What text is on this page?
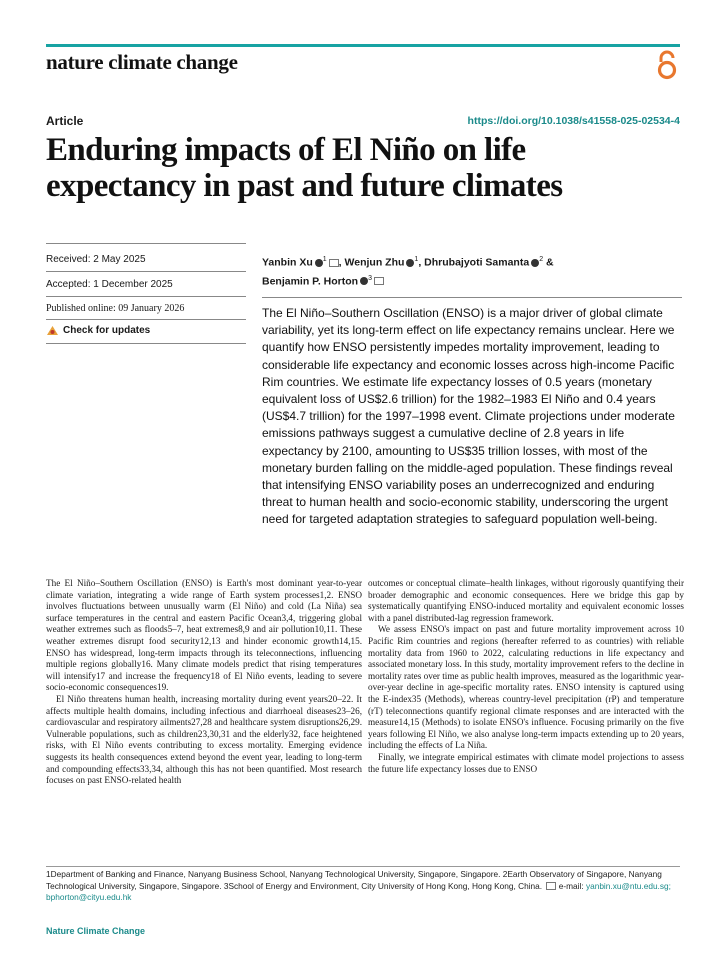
nature climate change
Article	https://doi.org/10.1038/s41558-025-02534-4
Enduring impacts of El Niño on life expectancy in past and future climates
Received: 2 May 2025
Accepted: 1 December 2025
Published online: 09 January 2026
Check for updates
Yanbin Xu $^1$ , Wenjun Zhu $^1$, Dhrubajyoti Samanta $^2$ &
Benjamin P. Horton $^3$

The El Niño–Southern Oscillation (ENSO) is a major driver of global climate variability, yet its long-term effect on life expectancy remains unclear. Here we quantify how ENSO persistently impedes mortality improvement, leading to considerable life expectancy and economic losses across high-income Pacific Rim countries. We estimate life expectancy losses of 0.5 years (monetary equivalent loss of US$2.6 trillion) for the 1982–1983 El Niño and 0.4 years (US$4.7 trillion) for the 1997–1998 event. Climate projections under moderate emissions pathways suggest a cumulative decline of 2.8 years in life expectancy by 2100, amounting to US$35 trillion losses, with most of the monetary burden falling on the middle-aged population. These findings reveal that intensifying ENSO variability poses an underrecognized and enduring threat to human health and socio-economic stability, underscoring the urgent need for targeted adaptation strategies to safeguard population well-being.

The El Niño–Southern Oscillation (ENSO) is Earth's most dominant year-to-year climate variation, integrating a wide range of Earth system processes1,2. ENSO involves fluctuations between unusually warm (El Niño) and cold (La Niña) sea surface temperatures in the central and eastern Pacific Ocean3,4, triggering global weather extremes such as floods5–7, heat extremes8,9 and air pollution10,11. These weather extremes disrupt food security12,13 and hinder economic growth14,15. ENSO has widespread, long-term impacts through its teleconnections, influencing multiple regions globally16. Many climate models predict that rising temperatures will intensify17 and increase the frequency18 of El Niño events, leading to severe socio-economic consequences19.

El Niño threatens human health, increasing mortality during event years20–22. It affects multiple health domains, including infectious and diarrhoeal diseases23–26, cardiovascular and respiratory ailments27,28 and healthcare system disruptions26,29. Vulnerable populations, such as children23,30,31 and the elderly32, face heightened risks, with El Niño events contributing to excess mortality. Emerging evidence suggests its health consequences extend beyond the event year, leading to long-term and compounding effects33,34, although this has not been quantified. Most research focuses on past ENSO-related health

outcomes or conceptual climate–health linkages, without rigorously quantifying their broader demographic and economic consequences. Here we bridge this gap by systematically quantifying ENSO-induced mortality and equivalent economic losses with a panel distributed-lag regression framework.

We assess ENSO's impact on past and future mortality improvement across 10 Pacific Rim countries and regions (hereafter referred to as countries) with reliable mortality data from 1960 to 2022, calculating reductions in life expectancy and associated monetary loss. In this study, mortality improvement refers to the decline in mortality rates over time as public health improves, measured as the logarithmic year-over-year decline in age-specific mortality rates. ENSO intensity is captured using the E-index35 (Methods), whereas country-level precipitation (rP) and temperature (rT) teleconnections quantify regional climate responses and are interacted with the measure14,15 (Methods) to isolate ENSO's influence. Focusing primarily on the five years following El Niño, we also analyse long-term impacts extending up to 20 years, including the effects of La Niña.

Finally, we integrate empirical estimates with climate model projections to assess the future life expectancy losses due to ENSO

1Department of Banking and Finance, Nanyang Business School, Nanyang Technological University, Singapore, Singapore. 2Earth Observatory of Singapore, Nanyang Technological University, Singapore, Singapore. 3School of Energy and Environment, City University of Hong Kong, Hong Kong, China. e-mail: yanbin.xu@ntu.edu.sg; bphorton@cityu.edu.hk
Nature Climate Change
